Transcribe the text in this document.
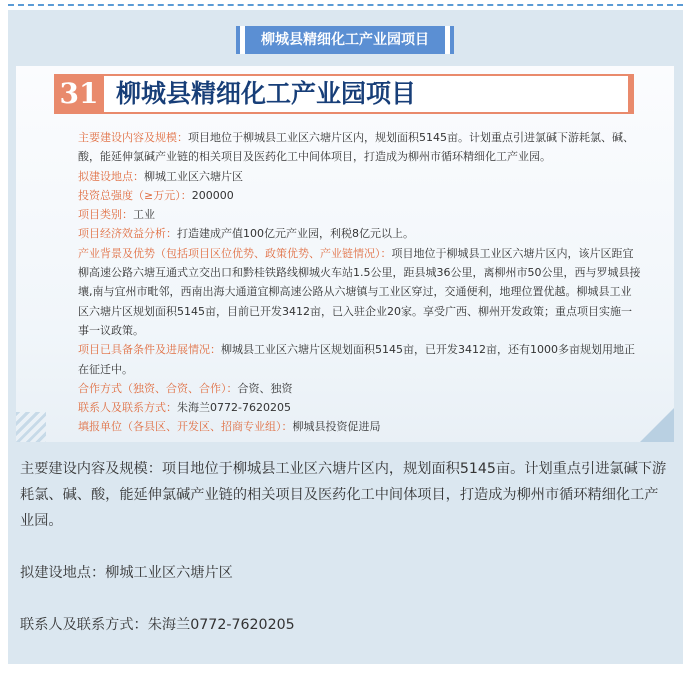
柳城县精细化工产业园项目
31 柳城县精细化工产业园项目

主要建设内容及规模：项目地位于柳城县工业区六塘片区内，规划面积5145亩。计划重点引进氯碱下游耗氯、碱、酸，能延伸氯碱产业链的相关项目及医药化工中间体项目，打造成为柳州市循环精细化工产业园。

拟建设地点：柳城工业区六塘片区

投资总强度（≥万元）：200000

项目类别：工业

项目经济效益分析：打造建成产值100亿元产业园，利税8亿元以上。

产业背景及优势（包括项目区位优势、政策优势、产业链情况）：项目地位于柳城县工业区六塘片区内，该片区距宜柳高速公路六塘互通式立交出口和黔桂铁路线柳城火车站1.5公里，距县城36公里，离柳州市50公里，西与罗城县接壤,南与宜州市毗邻，西南出海大通道宜柳高速公路从六塘镇与工业区穿过，交通便利，地理位置优越。柳城县工业区六塘片区规划面积5145亩，目前已开发3412亩，已入驻企业20家。享受广西、柳州开发政策；重点项目实施一事一议政策。

项目已具备条件及进展情况：柳城县工业区六塘片区规划面积5145亩，已开发3412亩，还有1000多亩规划用地正在征迁中。

合作方式（独资、合资、合作）：合资、独资

联系人及联系方式：朱海兰0772-7620205

填报单位（各县区、开发区、招商专业组）：柳城县投资促进局

主要建设内容及规模：项目地位于柳城县工业区六塘片区内，规划面积5145亩。计划重点引进氯碱下游耗氯、碱、酸，能延伸氯碱产业链的相关项目及医药化工中间体项目，打造成为柳州市循环精细化工产业园。

拟建设地点：柳城工业区六塘片区

联系人及联系方式：朱海兰0772-7620205
